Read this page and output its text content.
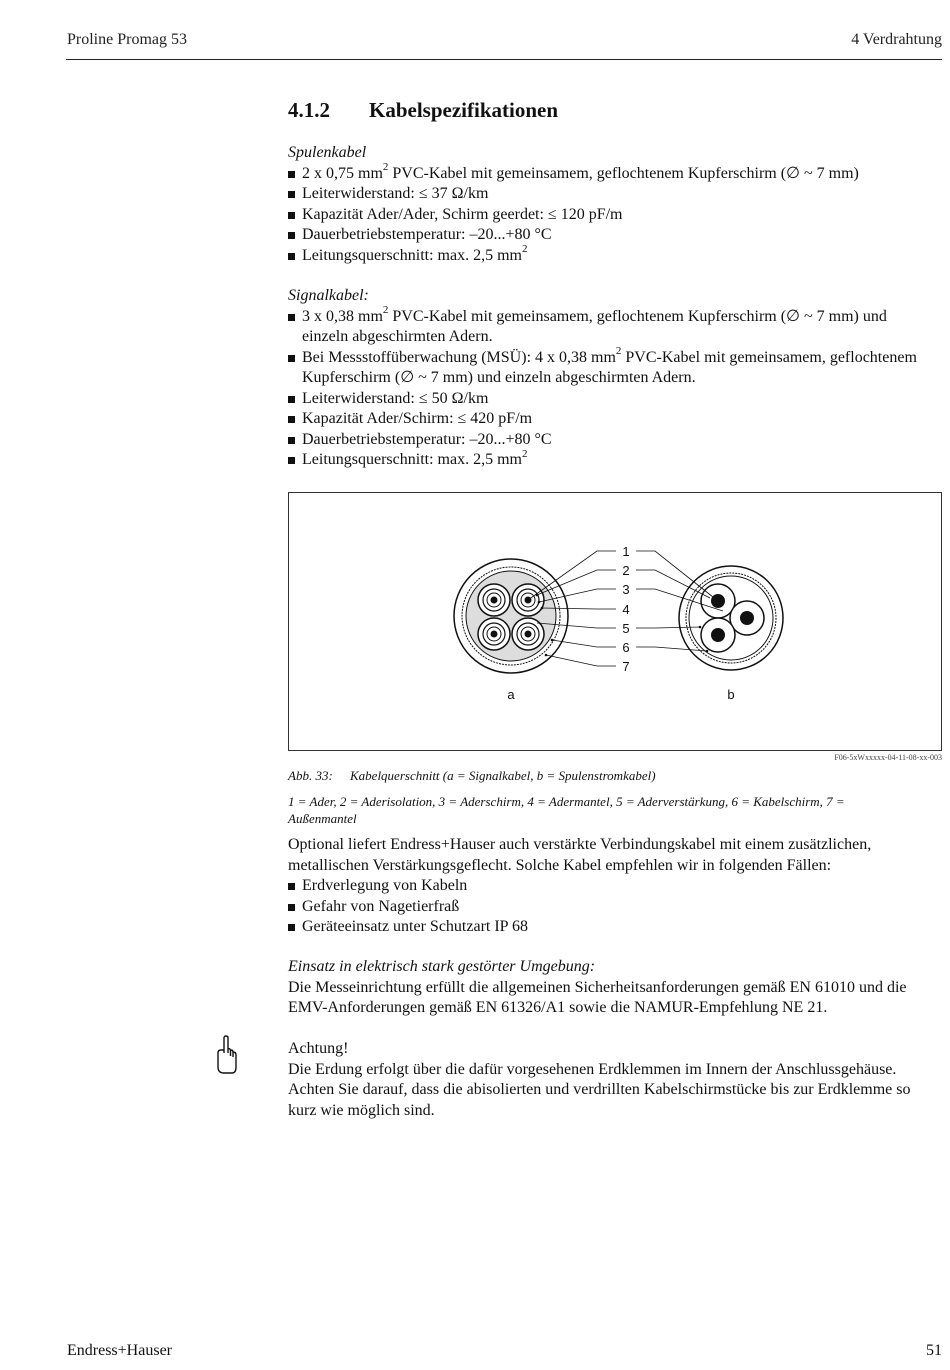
Proline Promag 53	4 Verdrahtung
4.1.2 Kabelspezifikationen
Spulenkabel
2 x 0,75 $mm^2$ PVC-Kabel mit gemeinsamem, geflochtenem Kupferschirm (∅ ~ 7 mm)
Leiterwiderstand: ≤ 37 Ω/km
Kapazität Ader/Ader, Schirm geerdet: ≤ 120 pF/m
Dauerbetriebstemperatur: –20...+80 °C
Leitungsquerschnitt: max. 2,5 $mm^2$
Signalkabel:
3 x 0,38 $mm^2$ PVC-Kabel mit gemeinsamem, geflochtenem Kupferschirm (∅ ~ 7 mm) und einzeln abgeschirmten Adern.
Bei Messstoffüberwachung (MSÜ): 4 x 0,38 $mm^2$ PVC-Kabel mit gemeinsamem, geflochtenem Kupferschirm (∅ ~ 7 mm) und einzeln abgeschirmten Adern.
Leiterwiderstand: ≤ 50 Ω/km
Kapazität Ader/Schirm: ≤ 420 pF/m
Dauerbetriebstemperatur: –20...+80 °C
Leitungsquerschnitt: max. 2,5 $mm^2$
1
2
3
4
5
6
7
a	b
F06-5xWxxxxx-04-11-08-xx-003
Abb. 33: Kabelquerschnitt (a = Signalkabel, b = Spulenstromkabel)
1 = Ader, 2 = Aderisolation, 3 = Aderschirm, 4 = Adermantel, 5 = Aderverstärkung, 6 = Kabelschirm, 7 = Außenmantel
Optional liefert Endress+Hauser auch verstärkte Verbindungskabel mit einem zusätzlichen, metallischen Verstärkungsgeflecht. Solche Kabel empfehlen wir in folgenden Fällen:
Erdverlegung von Kabeln
Gefahr von Nagetierfraß
Geräteeinsatz unter Schutzart IP 68
Einsatz in elektrisch stark gestörter Umgebung:
Die Messeinrichtung erfüllt die allgemeinen Sicherheitsanforderungen gemäß EN 61010 und die EMV-Anforderungen gemäß EN 61326/A1 sowie die NAMUR-Empfehlung NE 21.
Achtung!
Die Erdung erfolgt über die dafür vorgesehenen Erdklemmen im Innern der Anschlussgehäuse. Achten Sie darauf, dass die abisolierten und verdrillten Kabelschirmstücke bis zur Erdklemme so kurz wie möglich sind.
Endress+Hauser	51
